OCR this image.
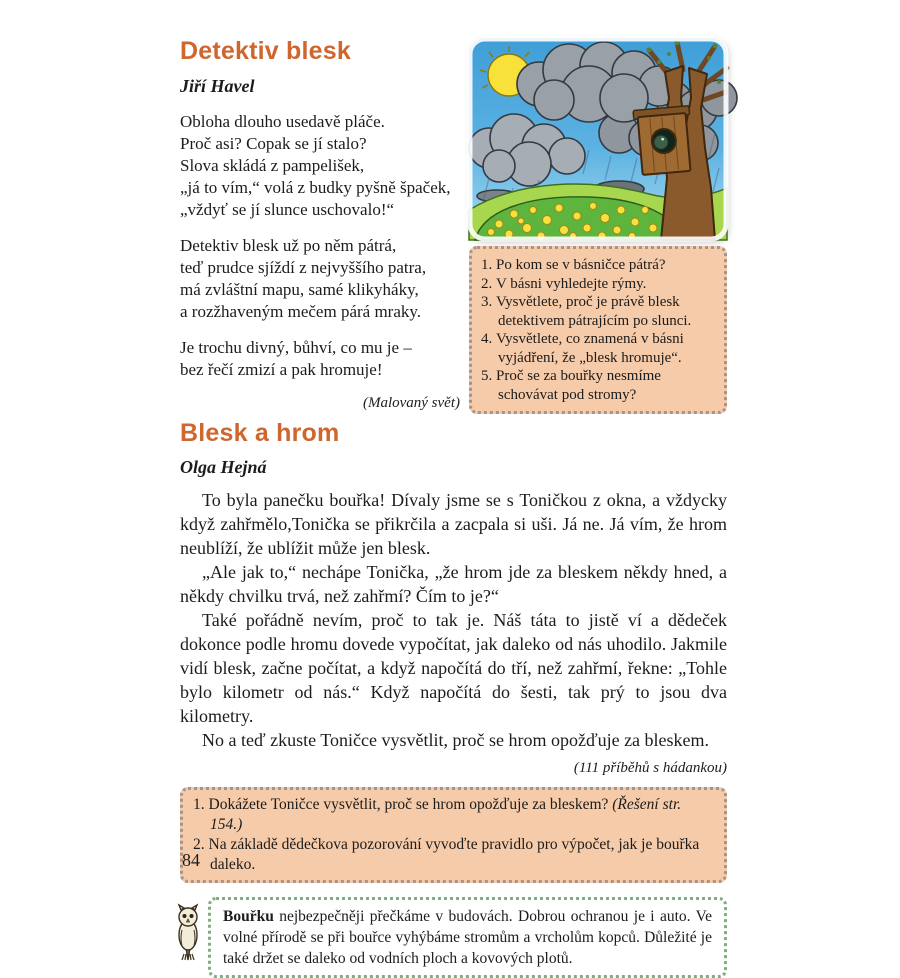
Detektiv blesk
Jiří Havel
Obloha dlouho usedavě pláče.
Proč asi? Copak se jí stalo?
Slova skládá z pampelišek,
„já to vím,“ volá z budky pyšně špaček,
„vždyť se jí slunce uschovalo!“
Detektiv blesk už po něm pátrá,
teď prudce sjíždí z nejvyššího patra,
má zvláštní mapu, samé klikyháky,
a rozžhaveným mečem párá mraky.
Je trochu divný, bůhví, co mu je –
bez řečí zmizí a pak hromuje!
(Malovaný svět)
Po kom se v básničce pátrá?
V básni vyhledejte rýmy.
Vysvětlete, proč je právě blesk detektivem pátrajícím po slunci.
Vysvětlete, co znamená v básni vyjádření, že „blesk hromuje“.
Proč se za bouřky nesmíme schovávat pod stromy?
Blesk a hrom
Olga Hejná

To byla panečku bouřka! Dívaly jsme se s Toničkou z okna, a vždycky když zahřmělo,Tonička se přikrčila a zacpala si uši. Já ne. Já vím, že hrom neublíží, že ublížit může jen blesk.

„Ale jak to,“ nechápe Tonička, „že hrom jde za bleskem někdy hned, a někdy chvilku trvá, než zahřmí? Čím to je?“

Také pořádně nevím, proč to tak je. Náš táta to jistě ví a dědeček dokonce podle hromu dovede vypočítat, jak daleko od nás uhodilo. Jakmile vidí blesk, začne počítat, a když napočítá do tří, než zahřmí, řekne: „Tohle bylo kilometr od nás.“ Když napočítá do šesti, tak prý to jsou dva kilometry.

No a teď zkuste Toničce vysvětlit, proč se hrom opožďuje za bleskem.

(111 příběhů s hádankou)
Dokážete Toničce vysvětlit, proč se hrom opožďuje za bleskem? (Řešení str. 154.)
Na základě dědečkova pozorování vyvoďte pravidlo pro výpočet, jak je bouřka daleko.

Bouřku nejbezpečněji přečkáme v budovách. Dobrou ochranou je i auto. Ve volné přírodě se při bouřce vyhýbáme stromům a vrcholům kopců. Důležité je také držet se daleko od vodních ploch a kovových plotů.

84
